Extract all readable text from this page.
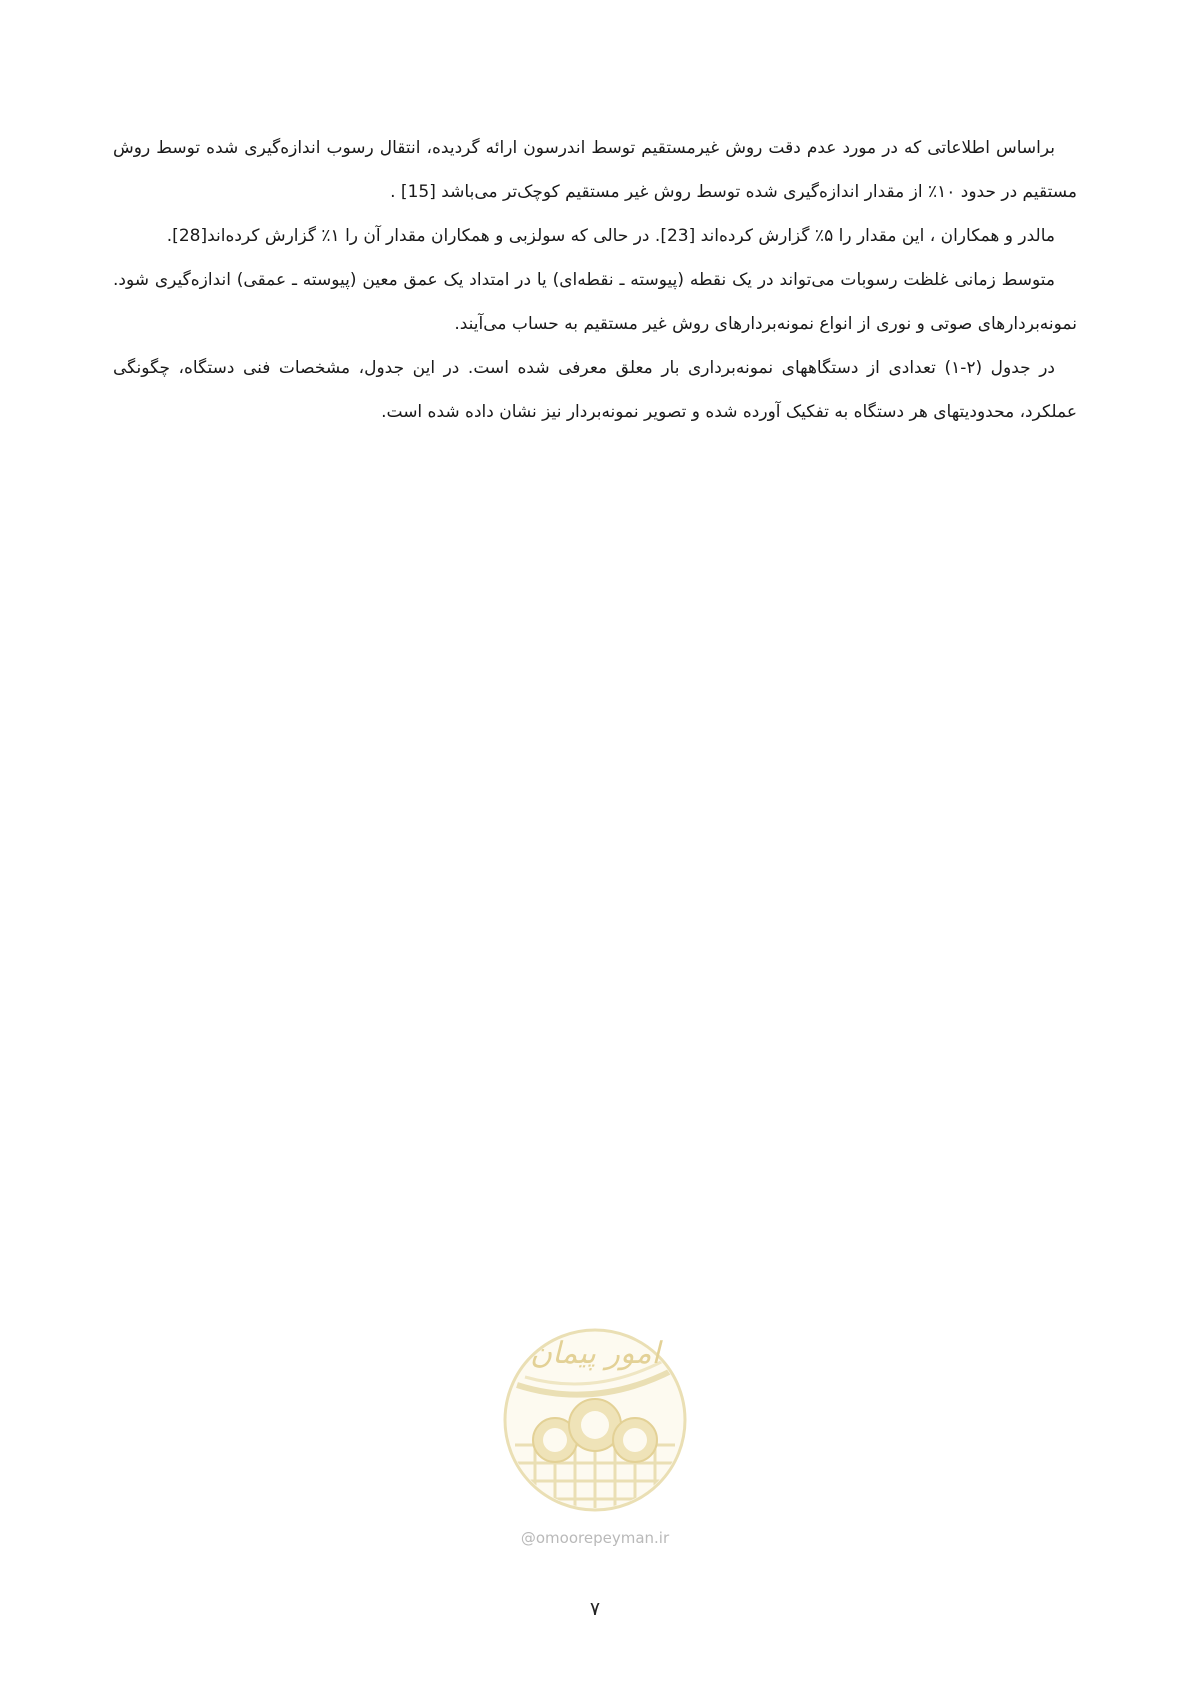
براساس اطلاعاتی که در مورد عدم دقت روش غیرمستقیم توسط اندرسون ارائه گردیده، انتقال رسوب اندازه‌گیری شده توسط روش مستقیم در حدود ۱۰٪ از مقدار اندازه‌گیری شده توسط روش غیر مستقیم کوچک‌تر می‌باشد [15] .

مالدر و همکاران ، این مقدار را ۵٪ گزارش کرده‌اند [23]. در حالی که سولزبی و همکاران مقدار آن را ۱٪ گزارش کرده‌اند[28].

متوسط زمانی غلظت رسوبات می‌تواند در یک نقطه (پیوسته ـ نقطه‌ای) یا در امتداد یک عمق معین (پیوسته ـ عمقی) اندازه‌گیری شود. نمونه‌بردارهای صوتی و نوری از انواع نمونه‌بردارهای روش غیر مستقیم به حساب می‌آیند.

در جدول (۲-۱) تعدادی از دستگاههای نمونه‌برداری بار معلق معرفی شده است. در این جدول، مشخصات فنی دستگاه، چگونگی عملکرد، محدودیتهای هر دستگاه به تفکیک آورده شده و تصویر نمونه‌بردار نیز نشان داده شده است.

امور پیمان
@omoorepeyman.ir
۷
